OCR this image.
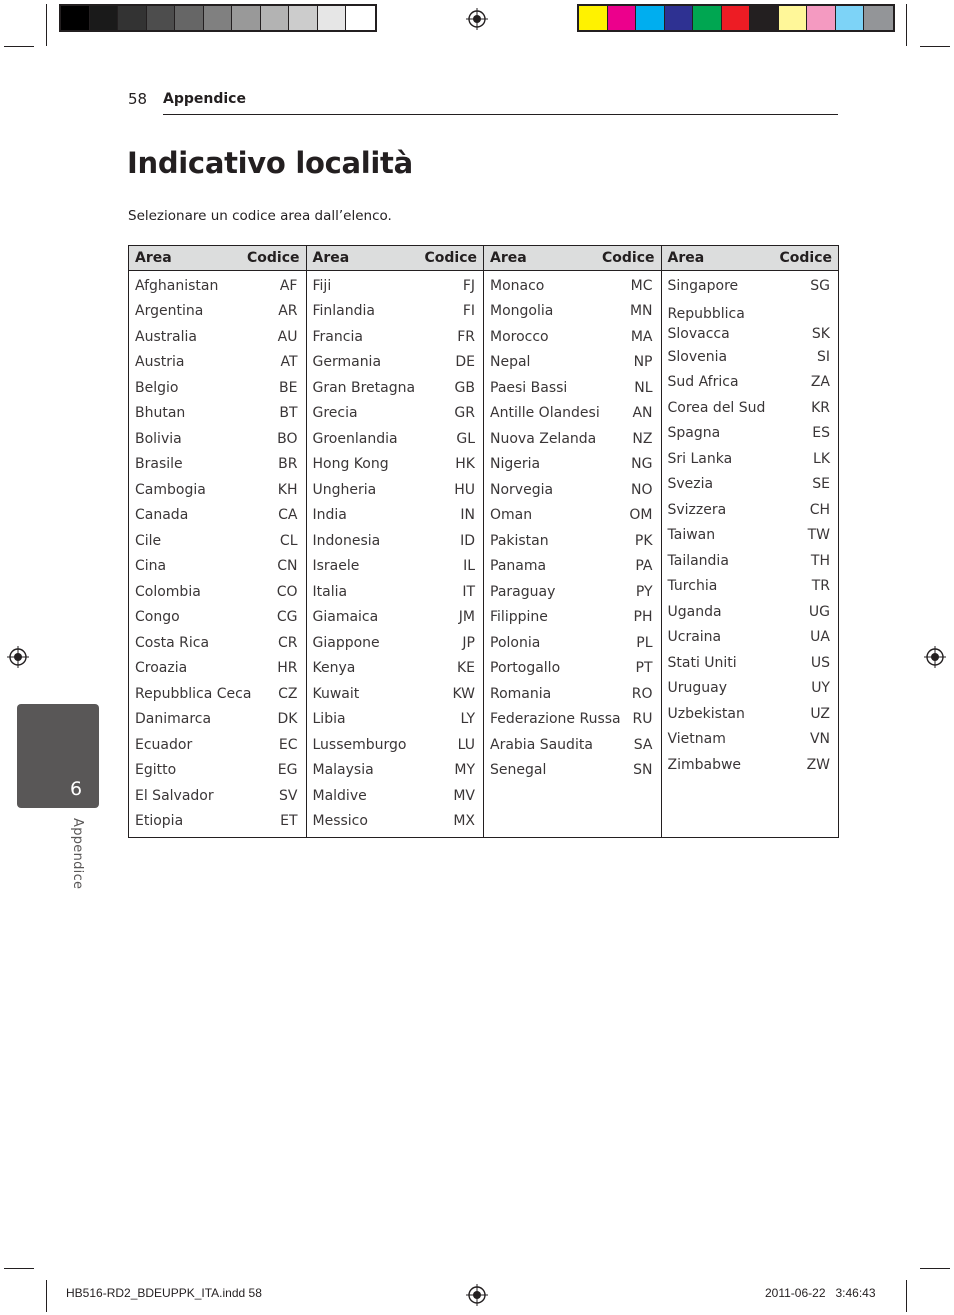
58 Appendice
Indicativo località
Selezionare un codice area dall’elenco.
Area	Codice
Afghanistan	AF
Argentina	AR
Australia	AU
Austria	AT
Belgio	BE
Bhutan	BT
Bolivia	BO
Brasile	BR
Cambogia	KH
Canada	CA
Cile	CL
Cina	CN
Colombia	CO
Congo	CG
Costa Rica	CR
Croazia	HR
Repubblica Ceca CZ
Danimarca	DK
Ecuador	EC
Egitto	EG
El Salvador	SV
Etiopia	ET
Area	Codice
Fiji	FJ
Finlandia	FI
Francia	FR
Germania	DE
Gran Bretagna	GB
Grecia	GR
Groenlandia	GL
Hong Kong	HK
Ungheria	HU
India	IN
Indonesia	ID
Israele	IL
Italia	IT
Giamaica	JM
Giappone	JP
Kenya	KE
Kuwait	KW
Libia	LY
Lussemburgo	LU
Malaysia	MY
Maldive	MV
Messico	MX
Area	Codice
Monaco	MC
Mongolia	MN
Morocco	MA
Nepal	NP
Paesi Bassi	NL
Antille Olandesi AN
Nuova Zelanda	NZ
Nigeria	NG
Norvegia	NO
Oman	OM
Pakistan	PK
Panama	PA
Paraguay	PY
Filippine	PH
Polonia	PL
Portogallo	PT
Romania	RO
Federazione Russa RU
Arabia Saudita	SA
Senegal	SN
Area	Codice
Singapore	SG
Repubblica
Slovacca	SK
Slovenia	SI
Sud Africa	ZA
Corea del Sud	KR
Spagna	ES
Sri Lanka	LK
Svezia	SE
Svizzera	CH
Taiwan	TW
Tailandia	TH
Turchia	TR
Uganda	UG
Ucraina	UA
Stati Uniti	US
Uruguay	UY
Uzbekistan	UZ
Vietnam	VN
Zimbabwe	ZW
6
Appendice
HB516-RD2_BDEUPPK_ITA.indd 58	2011-06-22   3:46:43
